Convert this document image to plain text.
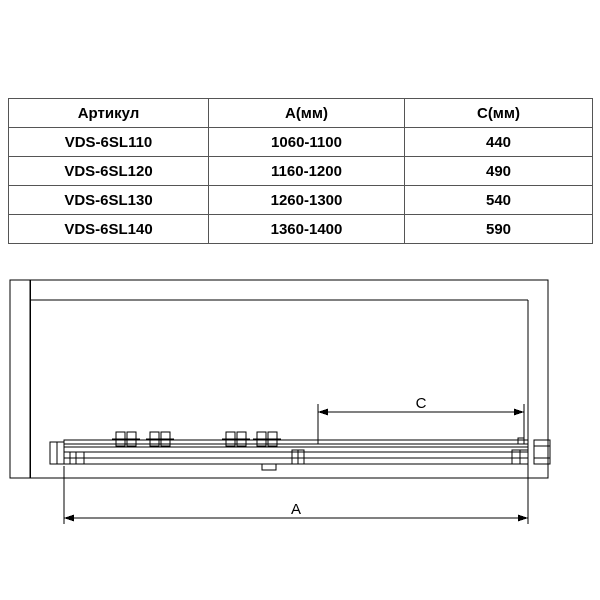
Артикул	A(мм)	C(мм)
VDS-6SL110	1060-1100	440
VDS-6SL120	1160-1200	490
VDS-6SL130	1260-1300	540
VDS-6SL140	1360-1400	590
C
A
